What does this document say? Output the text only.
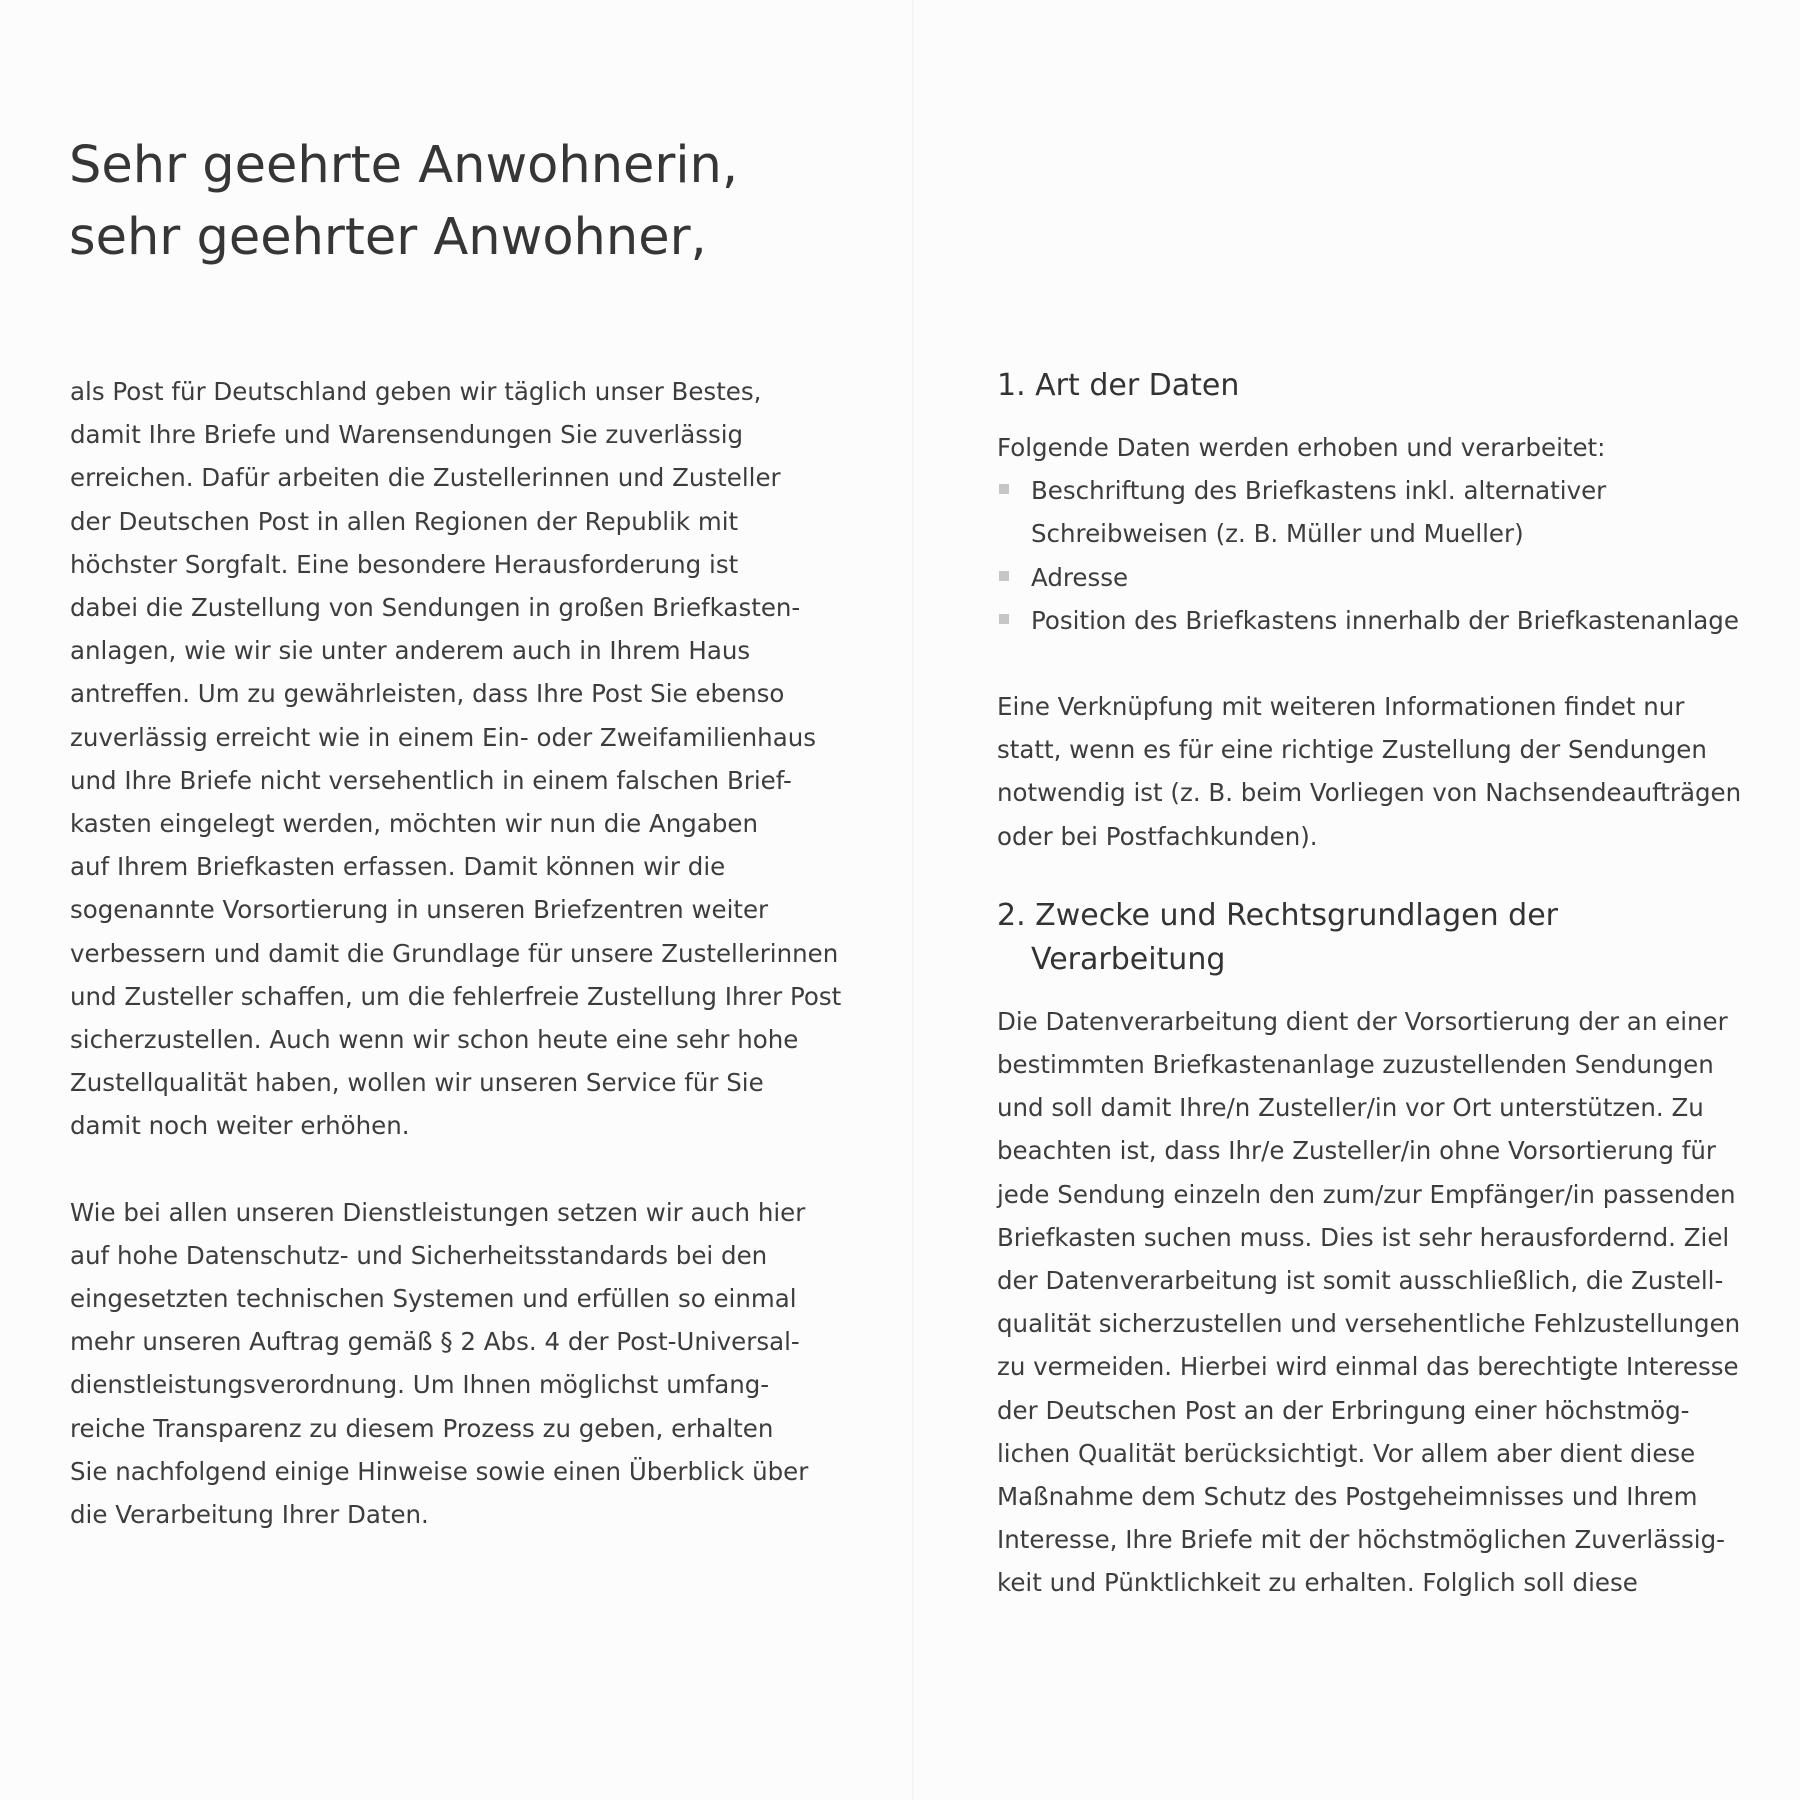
Sehr geehrte Anwohnerin,
sehr geehrter Anwohner,
als Post für Deutschland geben wir täglich unser Bestes,
damit Ihre Briefe und Warensendungen Sie zuverlässig
erreichen. Dafür arbeiten die Zustellerinnen und Zusteller
der Deutschen Post in allen Regionen der Republik mit
höchster Sorgfalt. Eine besondere Herausforderung ist
dabei die Zustellung von Sendungen in großen Briefkasten-
anlagen, wie wir sie unter anderem auch in Ihrem Haus
antreffen. Um zu gewährleisten, dass Ihre Post Sie ebenso
zuverlässig erreicht wie in einem Ein- oder Zweifamilienhaus
und Ihre Briefe nicht versehentlich in einem falschen Brief-
kasten eingelegt werden, möchten wir nun die Angaben
auf Ihrem Briefkasten erfassen. Damit können wir die
sogenannte Vorsortierung in unseren Briefzentren weiter
verbessern und damit die Grundlage für unsere Zustellerinnen
und Zusteller schaffen, um die fehlerfreie Zustellung Ihrer Post
sicherzustellen. Auch wenn wir schon heute eine sehr hohe
Zustellqualität haben, wollen wir unseren Service für Sie
damit noch weiter erhöhen.
Wie bei allen unseren Dienstleistungen setzen wir auch hier
auf hohe Datenschutz- und Sicherheitsstandards bei den
eingesetzten technischen Systemen und erfüllen so einmal
mehr unseren Auftrag gemäß § 2 Abs. 4 der Post-Universal-
dienstleistungsverordnung. Um Ihnen möglichst umfang-
reiche Transparenz zu diesem Prozess zu geben, erhalten
Sie nachfolgend einige Hinweise sowie einen Überblick über
die Verarbeitung Ihrer Daten.
1. Art der Daten
Folgende Daten werden erhoben und verarbeitet:
Beschriftung des Briefkastens inkl. alternativer
Schreibweisen (z. B. Müller und Mueller)
Adresse
Position des Briefkastens innerhalb der Briefkastenanlage
Eine Verknüpfung mit weiteren Informationen findet nur
statt, wenn es für eine richtige Zustellung der Sendungen
notwendig ist (z. B. beim Vorliegen von Nachsendeaufträgen
oder bei Postfachkunden).
2. Zwecke und Rechtsgrundlagen der
Verarbeitung
Die Datenverarbeitung dient der Vorsortierung der an einer
bestimmten Briefkastenanlage zuzustellenden Sendungen
und soll damit Ihre/n Zusteller/in vor Ort unterstützen. Zu
beachten ist, dass Ihr/e Zusteller/in ohne Vorsortierung für
jede Sendung einzeln den zum/zur Empfänger/in passenden
Briefkasten suchen muss. Dies ist sehr herausfordernd. Ziel
der Datenverarbeitung ist somit ausschließlich, die Zustell-
qualität sicherzustellen und versehentliche Fehlzustellungen
zu vermeiden. Hierbei wird einmal das berechtigte Interesse
der Deutschen Post an der Erbringung einer höchstmög-
lichen Qualität berücksichtigt. Vor allem aber dient diese
Maßnahme dem Schutz des Postgeheimnisses und Ihrem
Interesse, Ihre Briefe mit der höchstmöglichen Zuverlässig-
keit und Pünktlichkeit zu erhalten. Folglich soll diese
